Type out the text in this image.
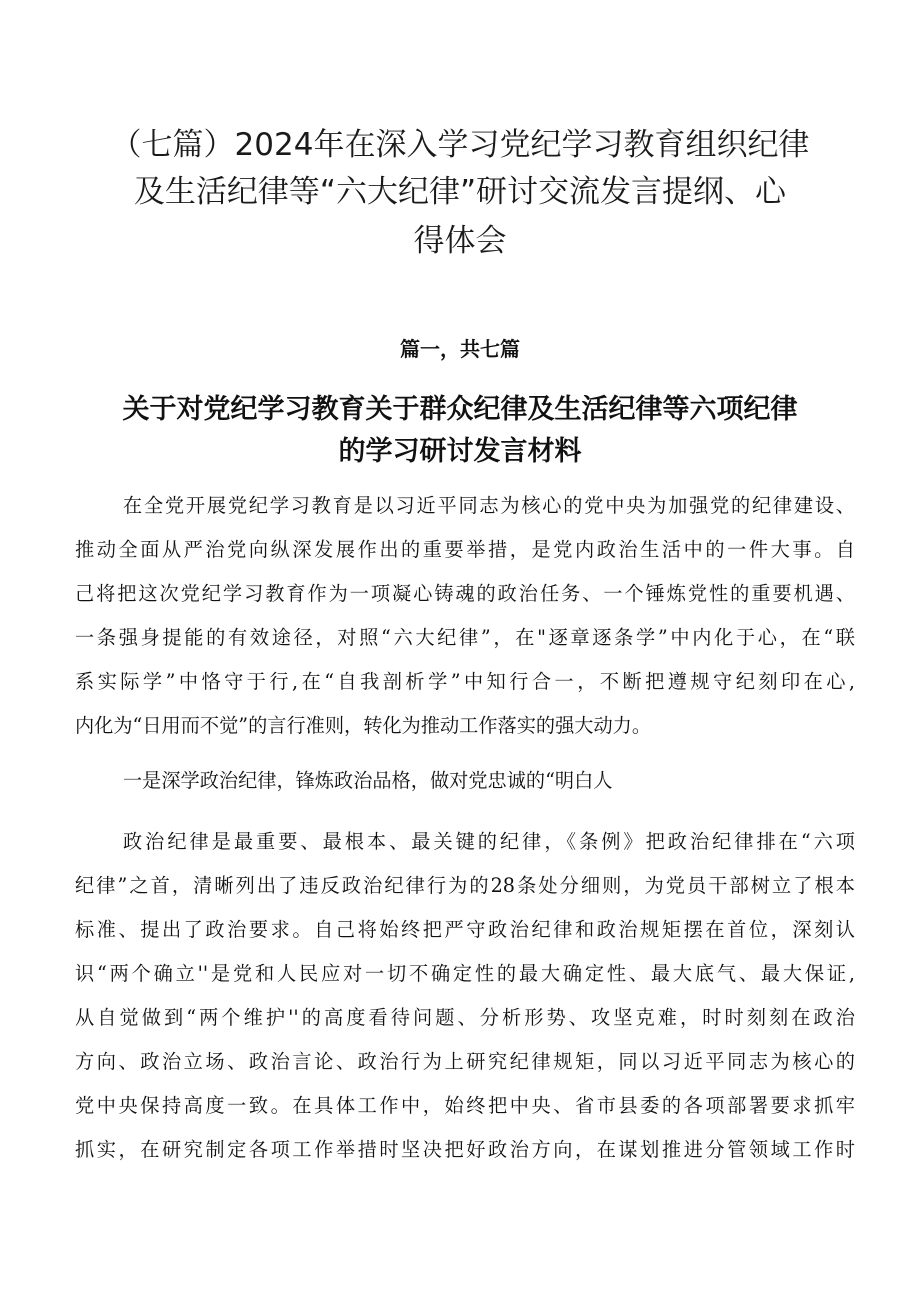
（七篇）2024年在深入学习党纪学习教育组织纪律
及生活纪律等“六大纪律”研讨交流发言提纲、心
得体会

篇一，共七篇

关于对党纪学习教育关于群众纪律及生活纪律等六项纪律
的学习研讨发言材料

在全党开展党纪学习教育是以习近平同志为核心的党中央为加强党的纪律建设、

推动全面从严治党向纵深发展作出的重要举措，是党内政治生活中的一件大事。自

己将把这次党纪学习教育作为一项凝心铸魂的政治任务、一个锤炼党性的重要机遇、

一条强身提能的有效途径，对照“六大纪律”，在"逐章逐条学”中内化于心，在“联

系实际学”中恪守于行,在“自我剖析学”中知行合一，不断把遵规守纪刻印在心,

内化为“日用而不觉”的言行准则，转化为推动工作落实的强大动力。

一是深学政治纪律，锋炼政治品格，做对党忠诚的“明白人

政治纪律是最重要、最根本、最关键的纪律，《条例》把政治纪律排在“六项

纪律”之首，清晰列出了违反政治纪律行为的28条处分细则，为党员干部树立了根本

标准、提出了政治要求。自己将始终把严守政治纪律和政治规矩摆在首位，深刻认

识“两个确立''是党和人民应对一切不确定性的最大确定性、最大底气、最大保证,

从自觉做到“两个维护''的高度看待问题、分析形势、攻坚克难，时时刻刻在政治

方向、政治立场、政治言论、政治行为上研究纪律规矩，同以习近平同志为核心的

党中央保持高度一致。在具体工作中，始终把中央、省市县委的各项部署要求抓牢

抓实，在研究制定各项工作举措时坚决把好政治方向，在谋划推进分管领域工作时
